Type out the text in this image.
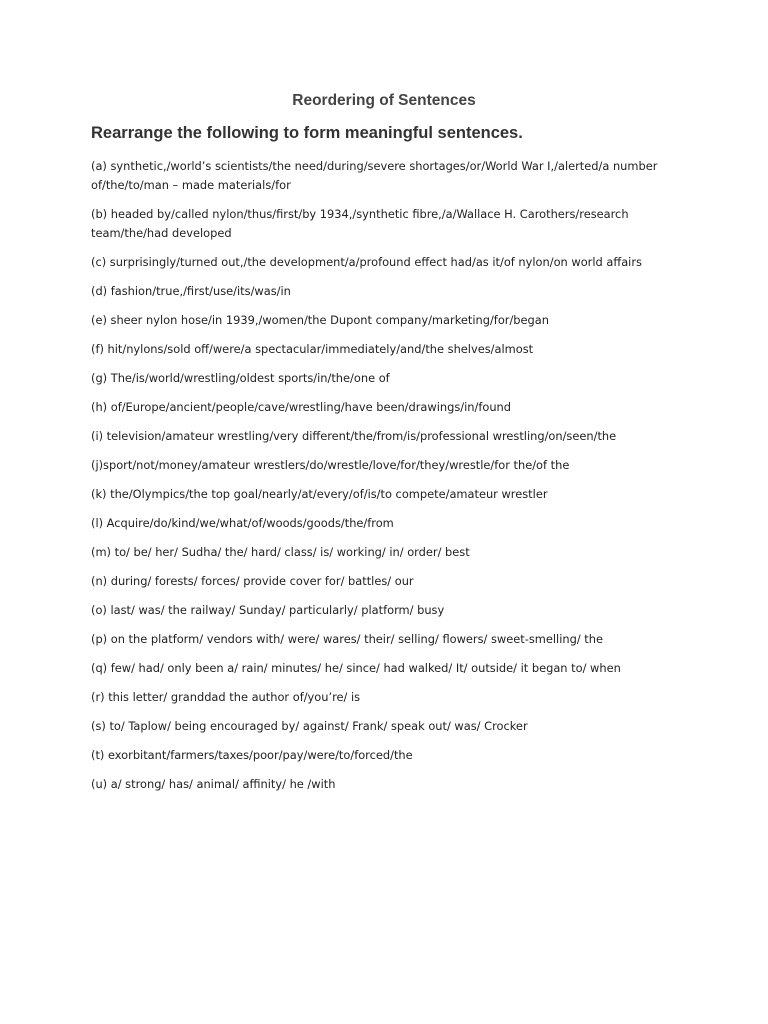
Reordering of Sentences
Rearrange the following to form meaningful sentences.
(a) synthetic,/world’s scientists/the need/during/severe shortages/or/World War I,/alerted/a number of/the/to/man – made materials/for
(b) headed by/called nylon/thus/first/by 1934,/synthetic fibre,/a/Wallace H. Carothers/research team/the/had developed
(c) surprisingly/turned out,/the development/a/profound effect had/as it/of nylon/on world affairs
(d) fashion/true,/first/use/its/was/in
(e) sheer nylon hose/in 1939,/women/the Dupont company/marketing/for/began
(f) hit/nylons/sold off/were/a spectacular/immediately/and/the shelves/almost
(g) The/is/world/wrestling/oldest sports/in/the/one of
(h) of/Europe/ancient/people/cave/wrestling/have been/drawings/in/found
(i) television/amateur wrestling/very different/the/from/is/professional wrestling/on/seen/the
(j)sport/not/money/amateur wrestlers/do/wrestle/love/for/they/wrestle/for the/of the
(k) the/Olympics/the top goal/nearly/at/every/of/is/to compete/amateur wrestler
(l) Acquire/do/kind/we/what/of/woods/goods/the/from
(m) to/ be/ her/ Sudha/ the/ hard/ class/ is/ working/ in/ order/ best
(n) during/ forests/ forces/ provide cover for/ battles/ our
(o) last/ was/ the railway/ Sunday/ particularly/ platform/ busy
(p) on the platform/ vendors with/ were/ wares/ their/ selling/ flowers/ sweet-smelling/ the
(q) few/ had/ only been a/ rain/ minutes/ he/ since/ had walked/ It/ outside/ it began to/ when
(r) this letter/ granddad the author of/you’re/ is
(s) to/ Taplow/ being encouraged by/ against/ Frank/ speak out/ was/ Crocker
(t) exorbitant/farmers/taxes/poor/pay/were/to/forced/the
(u) a/ strong/ has/ animal/ affinity/ he /with
